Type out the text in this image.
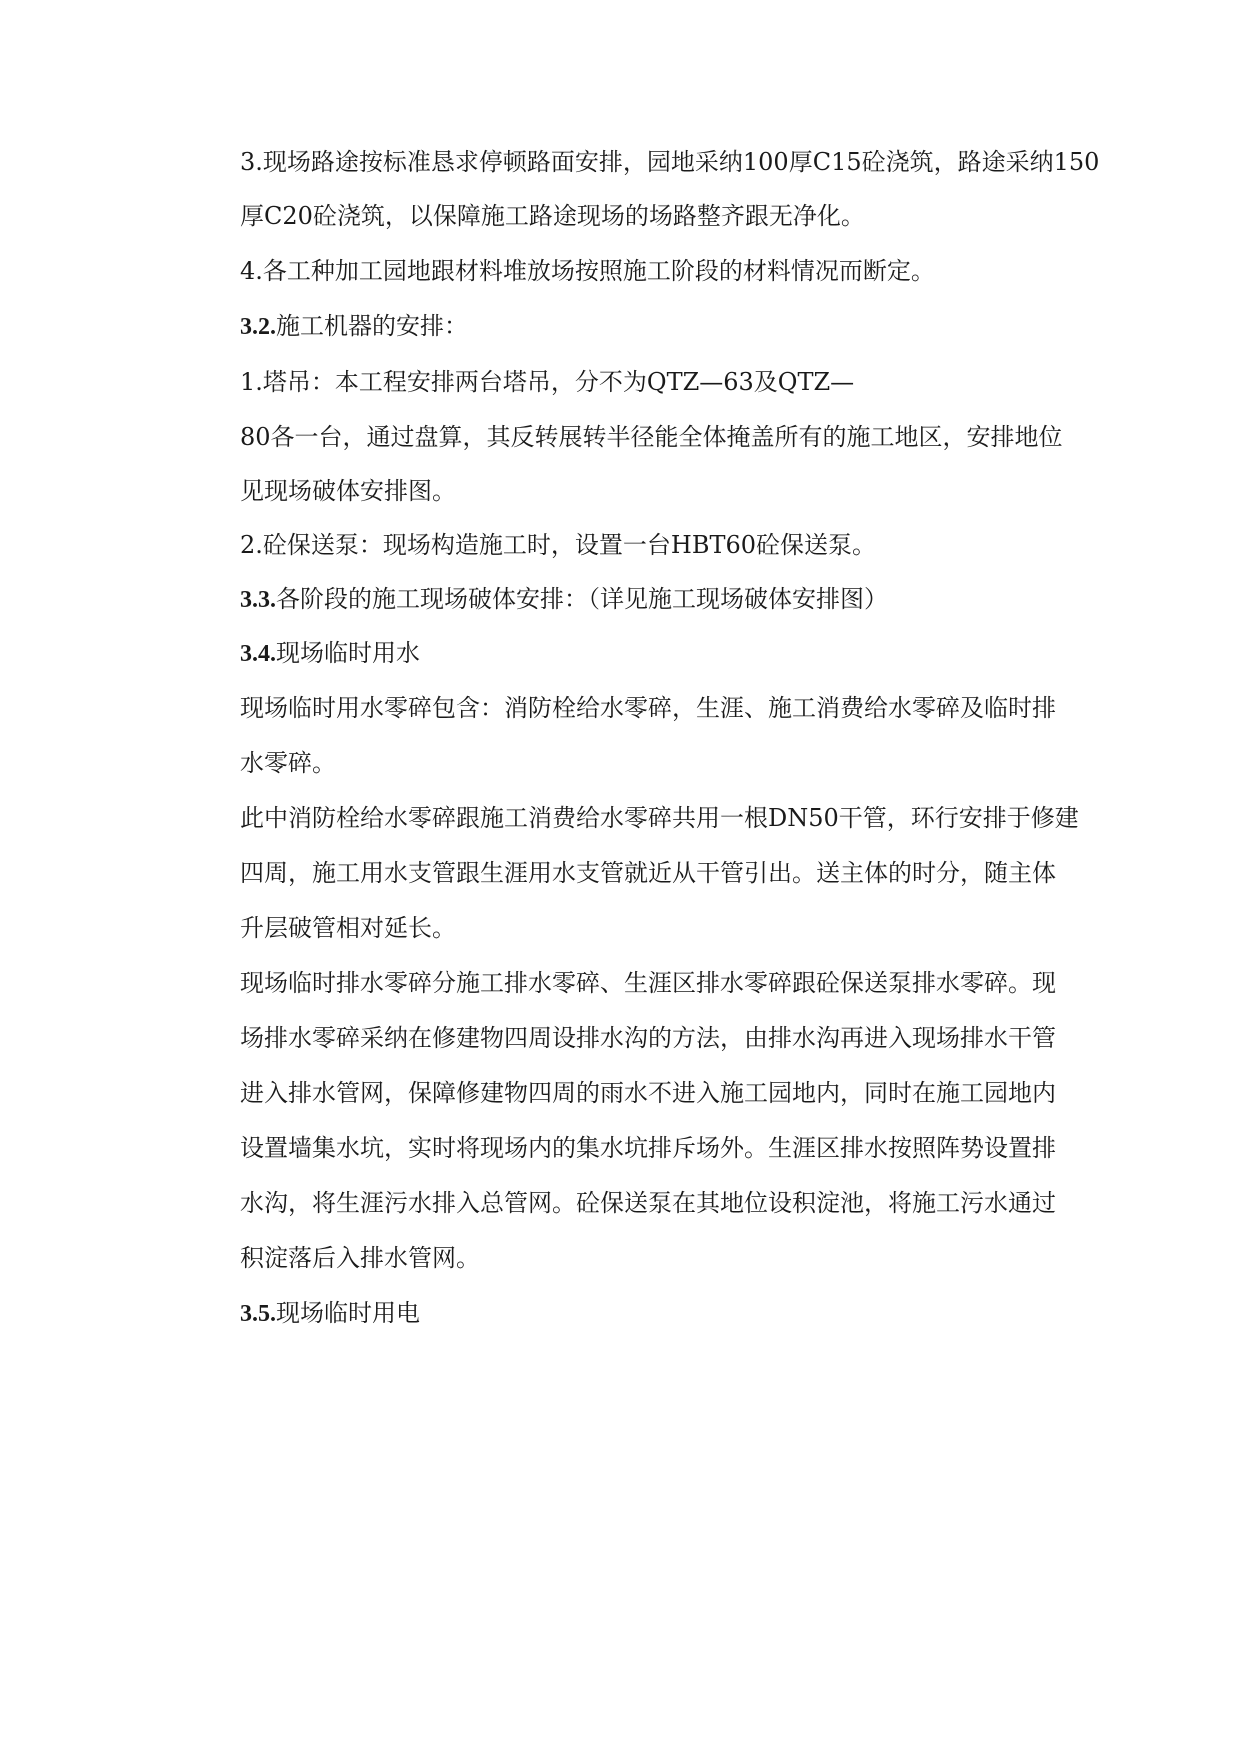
3.现场路途按标准恳求停顿路面安排，园地采纳100厚C15砼浇筑，路途采纳150
厚C20砼浇筑，以保障施工路途现场的场路整齐跟无净化。
4.各工种加工园地跟材料堆放场按照施工阶段的材料情况而断定。
3.2.施工机器的安排：
1.塔吊：本工程安排两台塔吊，分不为QTZ—63及QTZ—
80各一台，通过盘算，其反转展转半径能全体掩盖所有的施工地区，安排地位
见现场破体安排图。
2.砼保送泵：现场构造施工时，设置一台HBT60砼保送泵。
3.3.各阶段的施工现场破体安排：（详见施工现场破体安排图）
3.4.现场临时用水
现场临时用水零碎包含：消防栓给水零碎，生涯、施工消费给水零碎及临时排
水零碎。
此中消防栓给水零碎跟施工消费给水零碎共用一根DN50干管，环行安排于修建
四周，施工用水支管跟生涯用水支管就近从干管引出。送主体的时分，随主体
升层破管相对延长。
现场临时排水零碎分施工排水零碎、生涯区排水零碎跟砼保送泵排水零碎。现
场排水零碎采纳在修建物四周设排水沟的方法，由排水沟再进入现场排水干管
进入排水管网，保障修建物四周的雨水不进入施工园地内，同时在施工园地内
设置墙集水坑，实时将现场内的集水坑排斥场外。生涯区排水按照阵势设置排
水沟，将生涯污水排入总管网。砼保送泵在其地位设积淀池，将施工污水通过
积淀落后入排水管网。
3.5.现场临时用电
